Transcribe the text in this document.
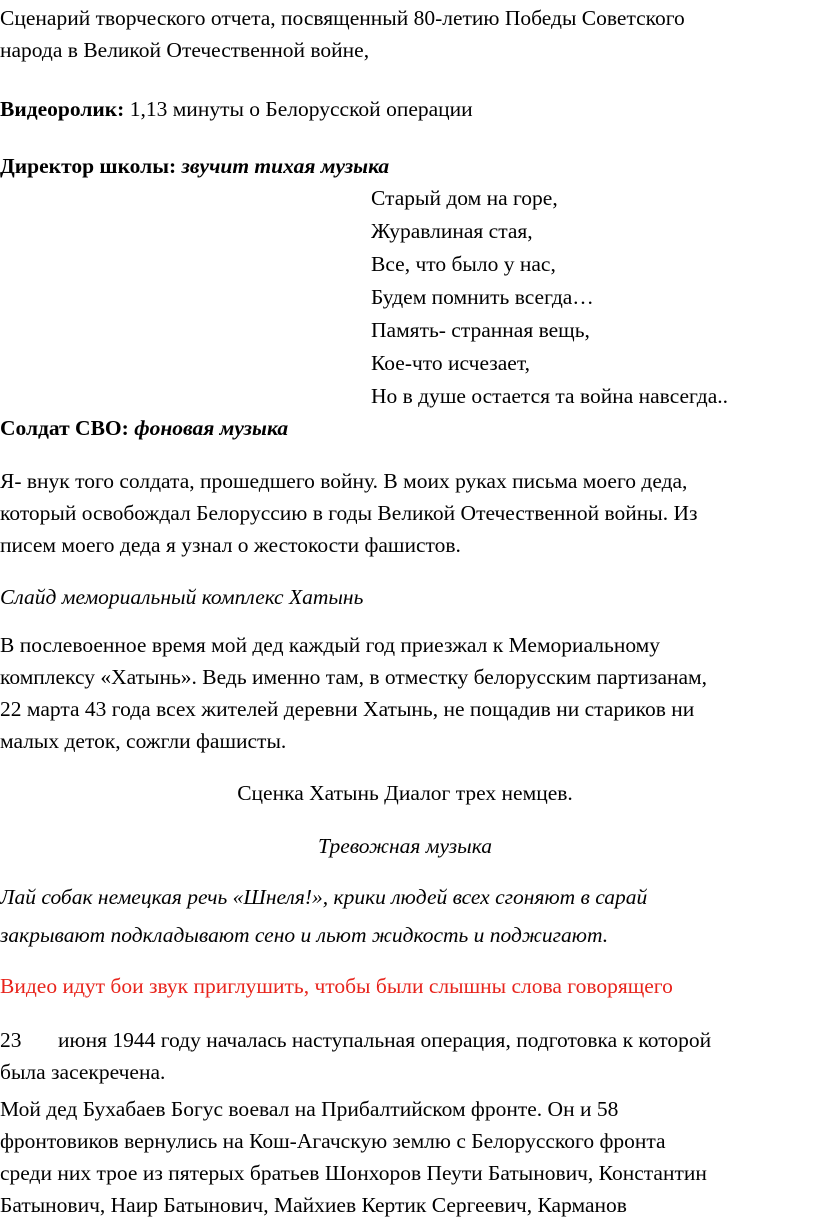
Сценарий творческого отчета, посвященный 80-летию Победы Советского
народа в Великой Отечественной войне,
Видеоролик: 1,13 минуты о Белорусской операции
Директор школы: звучит тихая музыка
Старый дом на горе,
Журавлиная стая,
Все, что было у нас,
Будем помнить всегда…
Память- странная вещь,
Кое-что исчезает,
Но в душе остается та война навсегда..
Солдат СВО: фоновая музыка
Я- внук того солдата, прошедшего войну. В моих руках письма моего деда,
который освобождал Белоруссию в годы Великой Отечественной войны. Из
писем моего деда я узнал о жестокости фашистов.
Слайд мемориальный комплекс Хатынь
В послевоенное время мой дед каждый год приезжал к Мемориальному
комплексу «Хатынь». Ведь именно там, в отместку белорусским партизанам,
22 марта 43 года всех жителей деревни Хатынь, не пощадив ни стариков ни
малых деток, сожгли фашисты.
Сценка Хатынь Диалог трех немцев.
Тревожная музыка
Лай собак немецкая речь «Шнеля!», крики людей всех сгоняют в сарай
закрывают подкладывают сено и льют жидкость и поджигают.
Видео идут бои звук приглушить, чтобы были слышны слова говорящего
23 июня 1944 году началась наступальная операция, подготовка к которой
была засекречена.
Мой дед Бухабаев Богус воевал на Прибалтийском фронте. Он и 58
фронтовиков вернулись на Кош-Агачскую землю с Белорусского фронта
среди них трое из пятерых братьев Шонхоров Пеути Батынович, Константин
Батынович, Наир Батынович, Майхиев Кертик Сергеевич, Карманов
